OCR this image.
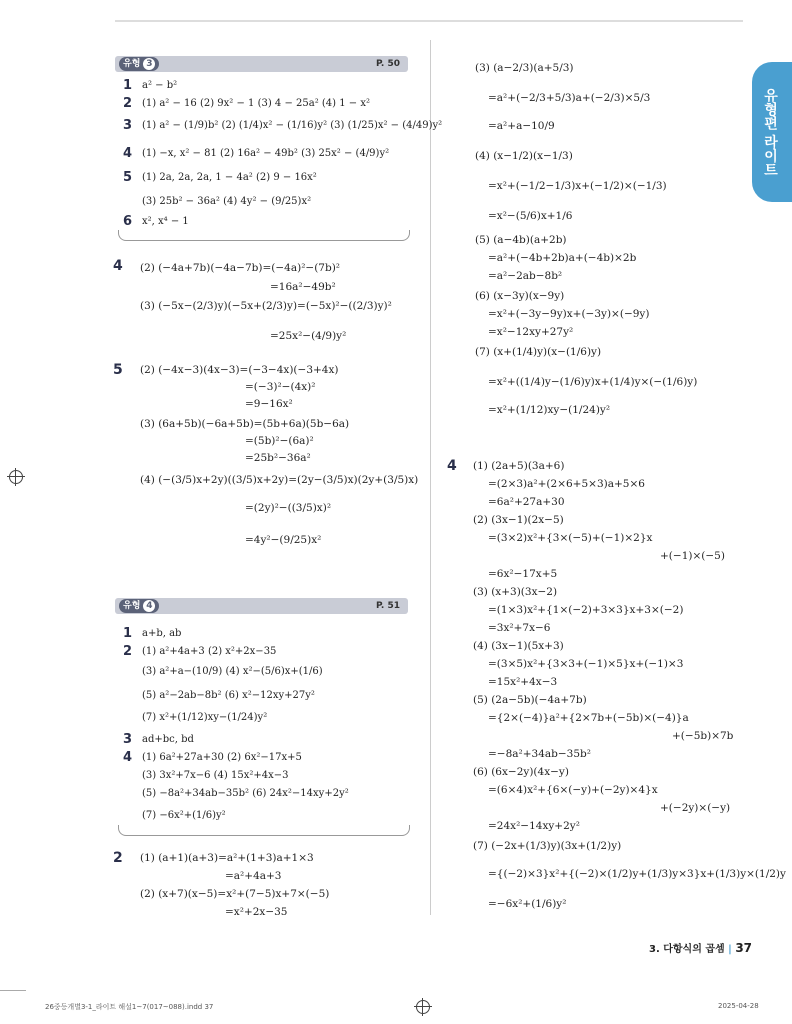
유형편 라이트
유형 3	P. 50
1 a² − b²
2 (1) a² − 16 (2) 9x² − 1 (3) 4 − 25a² (4) 1 − x²
3 (1) a² − (1/9)b² (2) (1/4)x² − (1/16)y² (3) (1/25)x² − (4/49)y²
4 (1) −x, x² − 81 (2) 16a² − 49b² (3) 25x² − (4/9)y²
5 (1) 2a, 2a, 2a, 1 − 4a² (2) 9 − 16x²
(3) 25b² − 36a² (4) 4y² − (9/25)x²
6 x², x⁴ − 1
4 (2) (−4a+7b)(−4a−7b)=(−4a)²−(7b)²
=16a²−49b²
(3) (−5x−(2/3)y)(−5x+(2/3)y)=(−5x)²−((2/3)y)²
=25x²−(4/9)y²
5 (2) (−4x−3)(4x−3)=(−3−4x)(−3+4x)
=(−3)²−(4x)²
=9−16x²
(3) (6a+5b)(−6a+5b)=(5b+6a)(5b−6a)
=(5b)²−(6a)²
=25b²−36a²
(4) (−(3/5)x+2y)((3/5)x+2y)=(2y−(3/5)x)(2y+(3/5)x)
=(2y)²−((3/5)x)²
=4y²−(9/25)x²
유형 4	P. 51
1 a+b, ab
2 (1) a²+4a+3 (2) x²+2x−35
(3) a²+a−(10/9) (4) x²−(5/6)x+(1/6)
(5) a²−2ab−8b² (6) x²−12xy+27y²
(7) x²+(1/12)xy−(1/24)y²
3 ad+bc, bd
4 (1) 6a²+27a+30 (2) 6x²−17x+5
(3) 3x²+7x−6 (4) 15x²+4x−3
(5) −8a²+34ab−35b² (6) 24x²−14xy+2y²
(7) −6x²+(1/6)y²
2 (1) (a+1)(a+3)=a²+(1+3)a+1×3
=a²+4a+3
(2) (x+7)(x−5)=x²+(7−5)x+7×(−5)
=x²+2x−35
(3) (a−2/3)(a+5/3)
=a²+(−2/3+5/3)a+(−2/3)×5/3
=a²+a−10/9
(4) (x−1/2)(x−1/3)
=x²+(−1/2−1/3)x+(−1/2)×(−1/3)
=x²−(5/6)x+1/6
(5) (a−4b)(a+2b)
=a²+(−4b+2b)a+(−4b)×2b
=a²−2ab−8b²
(6) (x−3y)(x−9y)
=x²+(−3y−9y)x+(−3y)×(−9y)
=x²−12xy+27y²
(7) (x+(1/4)y)(x−(1/6)y)
=x²+((1/4)y−(1/6)y)x+(1/4)y×(−(1/6)y)
=x²+(1/12)xy−(1/24)y²
4 (1) (2a+5)(3a+6)
=(2×3)a²+(2×6+5×3)a+5×6
=6a²+27a+30
(2) (3x−1)(2x−5)
=(3×2)x²+{3×(−5)+(−1)×2}x
+(−1)×(−5)
=6x²−17x+5
(3) (x+3)(3x−2)
=(1×3)x²+{1×(−2)+3×3}x+3×(−2)
=3x²+7x−6
(4) (3x−1)(5x+3)
=(3×5)x²+{3×3+(−1)×5}x+(−1)×3
=15x²+4x−3
(5) (2a−5b)(−4a+7b)
={2×(−4)}a²+{2×7b+(−5b)×(−4)}a
+(−5b)×7b
=−8a²+34ab−35b²
(6) (6x−2y)(4x−y)
=(6×4)x²+{6×(−y)+(−2y)×4}x
+(−2y)×(−y)
=24x²−14xy+2y²
(7) (−2x+(1/3)y)(3x+(1/2)y)
={(−2)×3}x²+{(−2)×(1/2)y+(1/3)y×3}x+(1/3)y×(1/2)y
=−6x²+(1/6)y²
3. 다항식의 곱셈 | 37
26중등개별3-1_라이트 해설1~7(017~088).indd 37	2025-04-28
